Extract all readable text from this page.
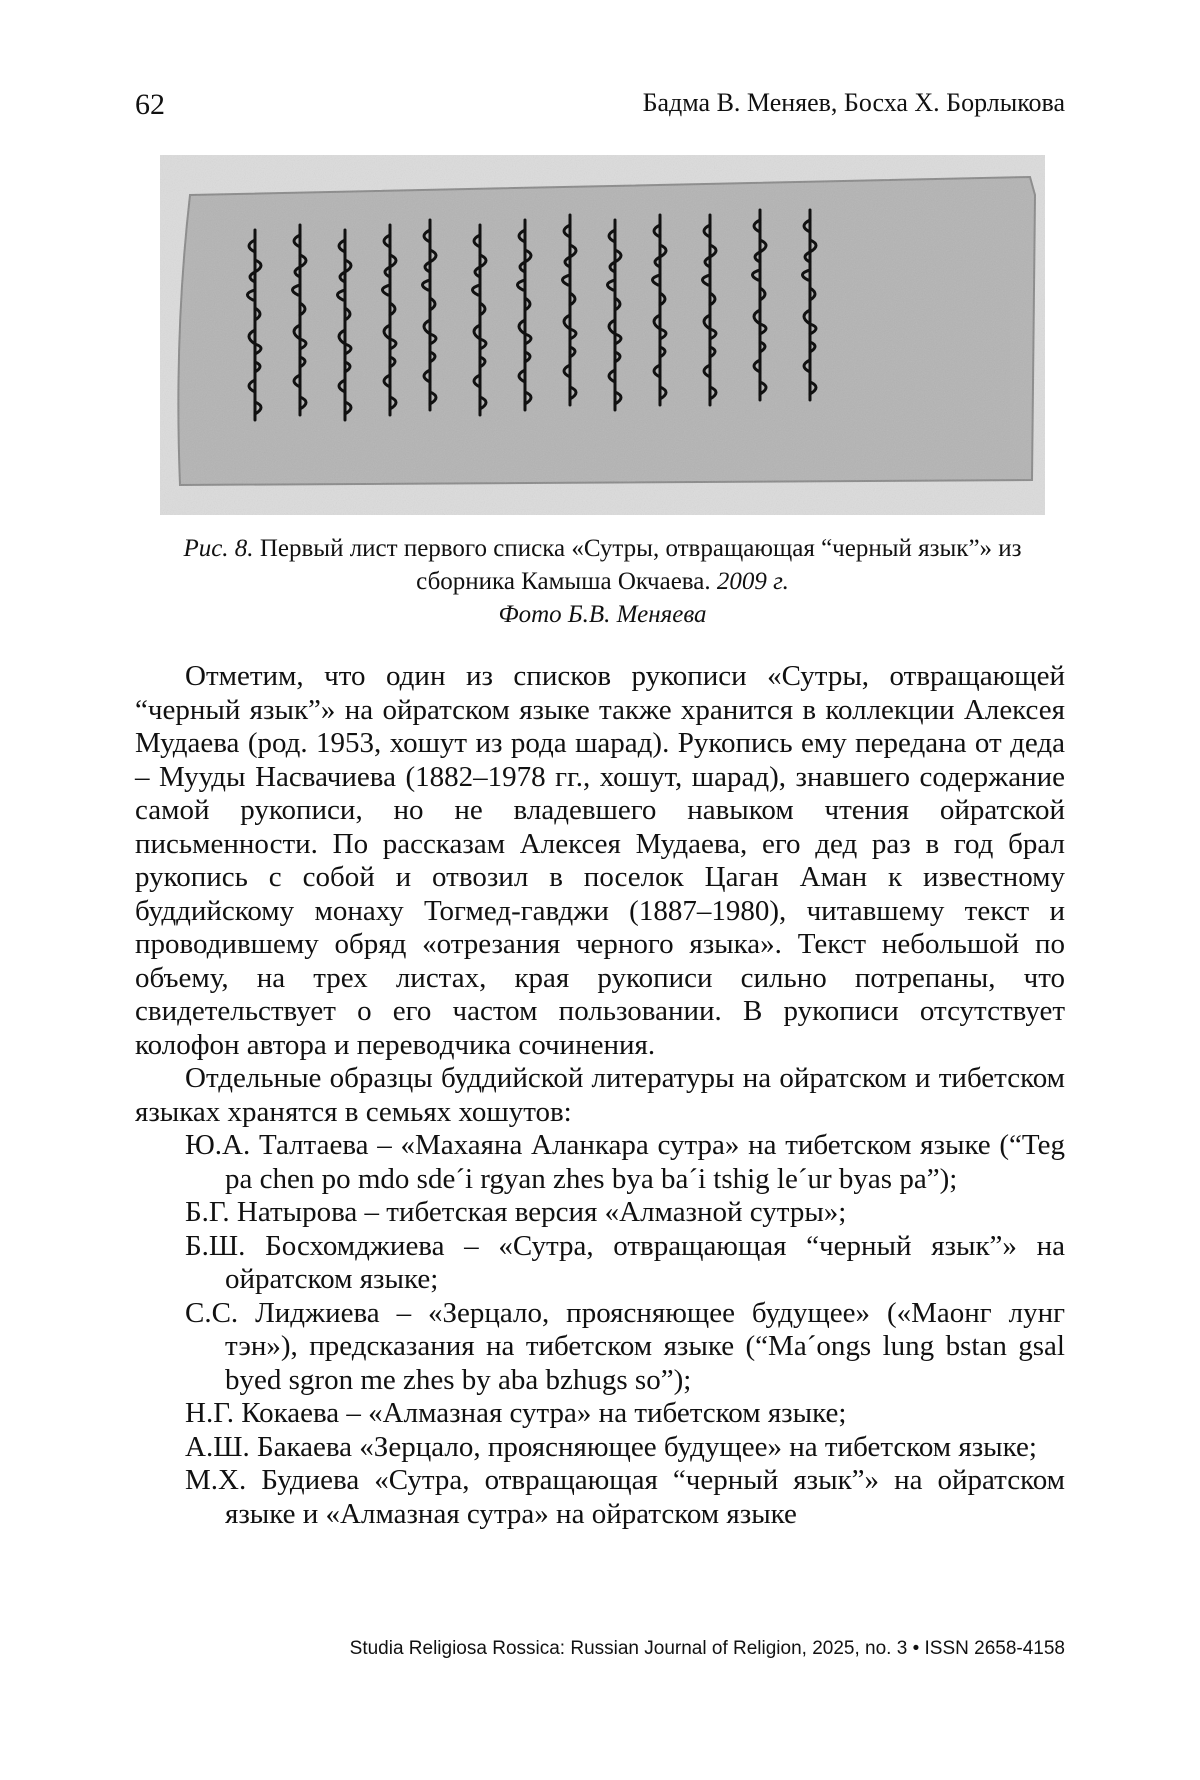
62	Бадма В. Меняев, Босха Х. Борлыкова
Рис. 8. Первый лист первого списка «Сутры, отвращающая “черный язык”» из сборника Камыша Окчаева. 2009 г.
Фото Б.В. Меняева

Отметим, что один из списков рукописи «Сутры, отвращающей “черный язык”» на ойратском языке также хранится в коллекции Алексея Мудаева (род. 1953, хошут из рода шарад). Рукопись ему передана от деда – Мууды Насвачиева (1882–1978 гг., хошут, шарад), знавшего содержание самой рукописи, но не владевшего навыком чтения ойратской письменности. По рассказам Алексея Мудаева, его дед раз в год брал рукопись с собой и отвозил в поселок Цаган Аман к известному буддийскому монаху Тогмед-гавджи (1887–1980), читавшему текст и проводившему обряд «отрезания черного языка». Текст небольшой по объему, на трех листах, края рукописи сильно потрепаны, что свидетельствует о его частом пользовании. В рукописи отсутствует колофон автора и переводчика сочинения.

Отдельные образцы буддийской литературы на ойратском и тибетском языках хранятся в семьях хошутов:

Ю.А. Талтаева – «Махаяна Аланкара сутра» на тибетском языке (“Teg pa chen po mdo sde´i rgyan zhes bya ba´i tshig le´ur byas pa”);
Б.Г. Натырова – тибетская версия «Алмазной сутры»;
Б.Ш. Босхомджиева – «Сутра, отвращающая “черный язык”» на ойратском языке;
С.С. Лиджиева – «Зерцало, проясняющее будущее» («Маонг лунг тэн»), предсказания на тибетском языке (“Ma´ongs lung bstan gsal byed sgron me zhes by aba bzhugs so”);
Н.Г. Кокаева – «Алмазная сутра» на тибетском языке;
А.Ш. Бакаева «Зерцало, проясняющее будущее» на тибетском языке;
М.Х. Будиева «Сутра, отвращающая “черный язык”» на ойратском языке и «Алмазная сутра» на ойратском языке
Studia Religiosa Rossica: Russian Journal of Religion, 2025, no. 3 • ISSN 2658-4158
